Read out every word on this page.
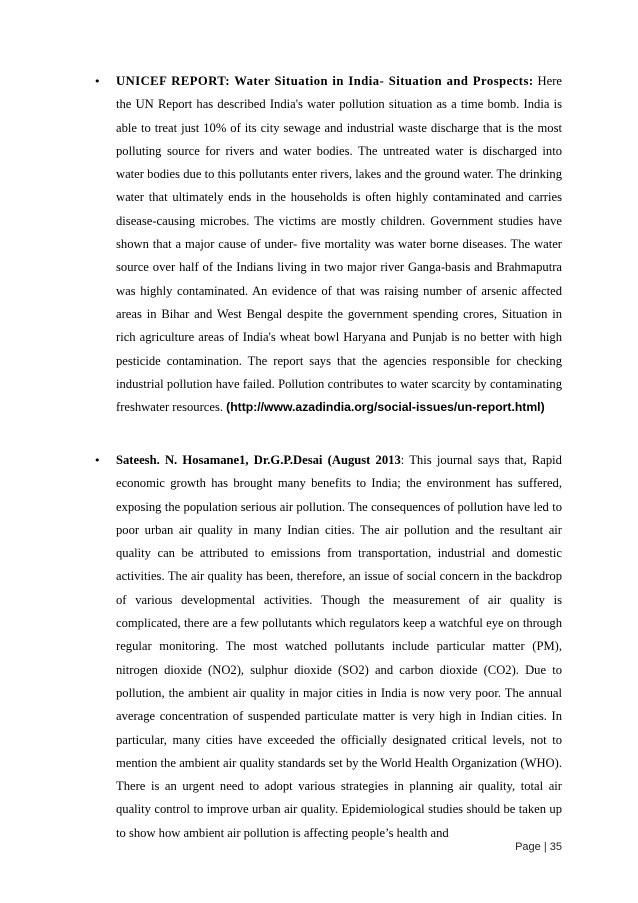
• UNICEF REPORT: Water Situation in India- Situation and Prospects: Here the UN Report has described India's water pollution situation as a time bomb. India is able to treat just 10% of its city sewage and industrial waste discharge that is the most polluting source for rivers and water bodies. The untreated water is discharged into water bodies due to this pollutants enter rivers, lakes and the ground water. The drinking water that ultimately ends in the households is often highly contaminated and carries disease-causing microbes. The victims are mostly children. Government studies have shown that a major cause of under- five mortality was water borne diseases. The water source over half of the Indians living in two major river Ganga-basis and Brahmaputra was highly contaminated. An evidence of that was raising number of arsenic affected areas in Bihar and West Bengal despite the government spending crores, Situation in rich agriculture areas of India's wheat bowl Haryana and Punjab is no better with high pesticide contamination. The report says that the agencies responsible for checking industrial pollution have failed. Pollution contributes to water scarcity by contaminating freshwater resources. (http://www.azadindia.org/social-issues/un-report.html)
• Sateesh. N. Hosamane1, Dr.G.P.Desai (August 2013: This journal says that, Rapid economic growth has brought many benefits to India; the environment has suffered, exposing the population serious air pollution. The consequences of pollution have led to poor urban air quality in many Indian cities. The air pollution and the resultant air quality can be attributed to emissions from transportation, industrial and domestic activities. The air quality has been, therefore, an issue of social concern in the backdrop of various developmental activities. Though the measurement of air quality is complicated, there are a few pollutants which regulators keep a watchful eye on through regular monitoring. The most watched pollutants include particular matter (PM), nitrogen dioxide (NO2), sulphur dioxide (SO2) and carbon dioxide (CO2). Due to pollution, the ambient air quality in major cities in India is now very poor. The annual average concentration of suspended particulate matter is very high in Indian cities. In particular, many cities have exceeded the officially designated critical levels, not to mention the ambient air quality standards set by the World Health Organization (WHO). There is an urgent need to adopt various strategies in planning air quality, total air quality control to improve urban air quality. Epidemiological studies should be taken up to show how ambient air pollution is affecting people’s health and
Page | 35
